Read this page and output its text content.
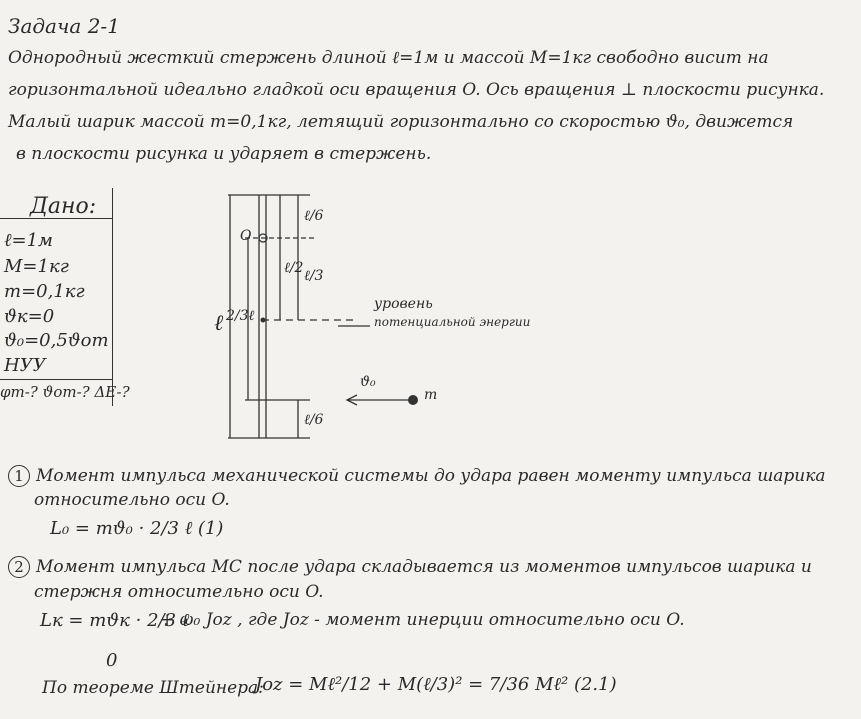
Задача 2-1
Однородный жесткий стержень длиной ℓ=1м и массой M=1кг свободно висит на
горизонтальной идеально гладкой оси вращения O. Ось вращения ⊥ плоскости рисунка.
Малый шарик массой m=0,1кг, летящий горизонтально со скоростью ϑ₀, движется
в плоскости рисунка и ударяет в стержень.
Дано:
ℓ=1м
M=1кг
m=0,1кг
ϑк=0
ϑ₀=0,5ϑom
НУУ
φm-? ϑom-? ΔE-?
O
ℓ 2/3ℓ
ℓ/2
ℓ/6
ℓ/3
ℓ/6
уровень
потенциальной энергии
ϑ₀
m
1 Момент импульса механической системы до удара равен моменту импульса шарика
относительно оси O.
L₀ = mϑ₀ · 2/3 ℓ (1)
2 Момент импульса МС после удара складывается из моментов импульсов шарика и
стержня относительно оси O.
Lк = mϑк · 2/3 ℓ
+ ω₀ Joz , где Joz - момент инерции относительно оси O.
0
По теореме Штейнера:
Joz = Mℓ²/12 + M(ℓ/3)² = 7/36 Mℓ² (2.1)
